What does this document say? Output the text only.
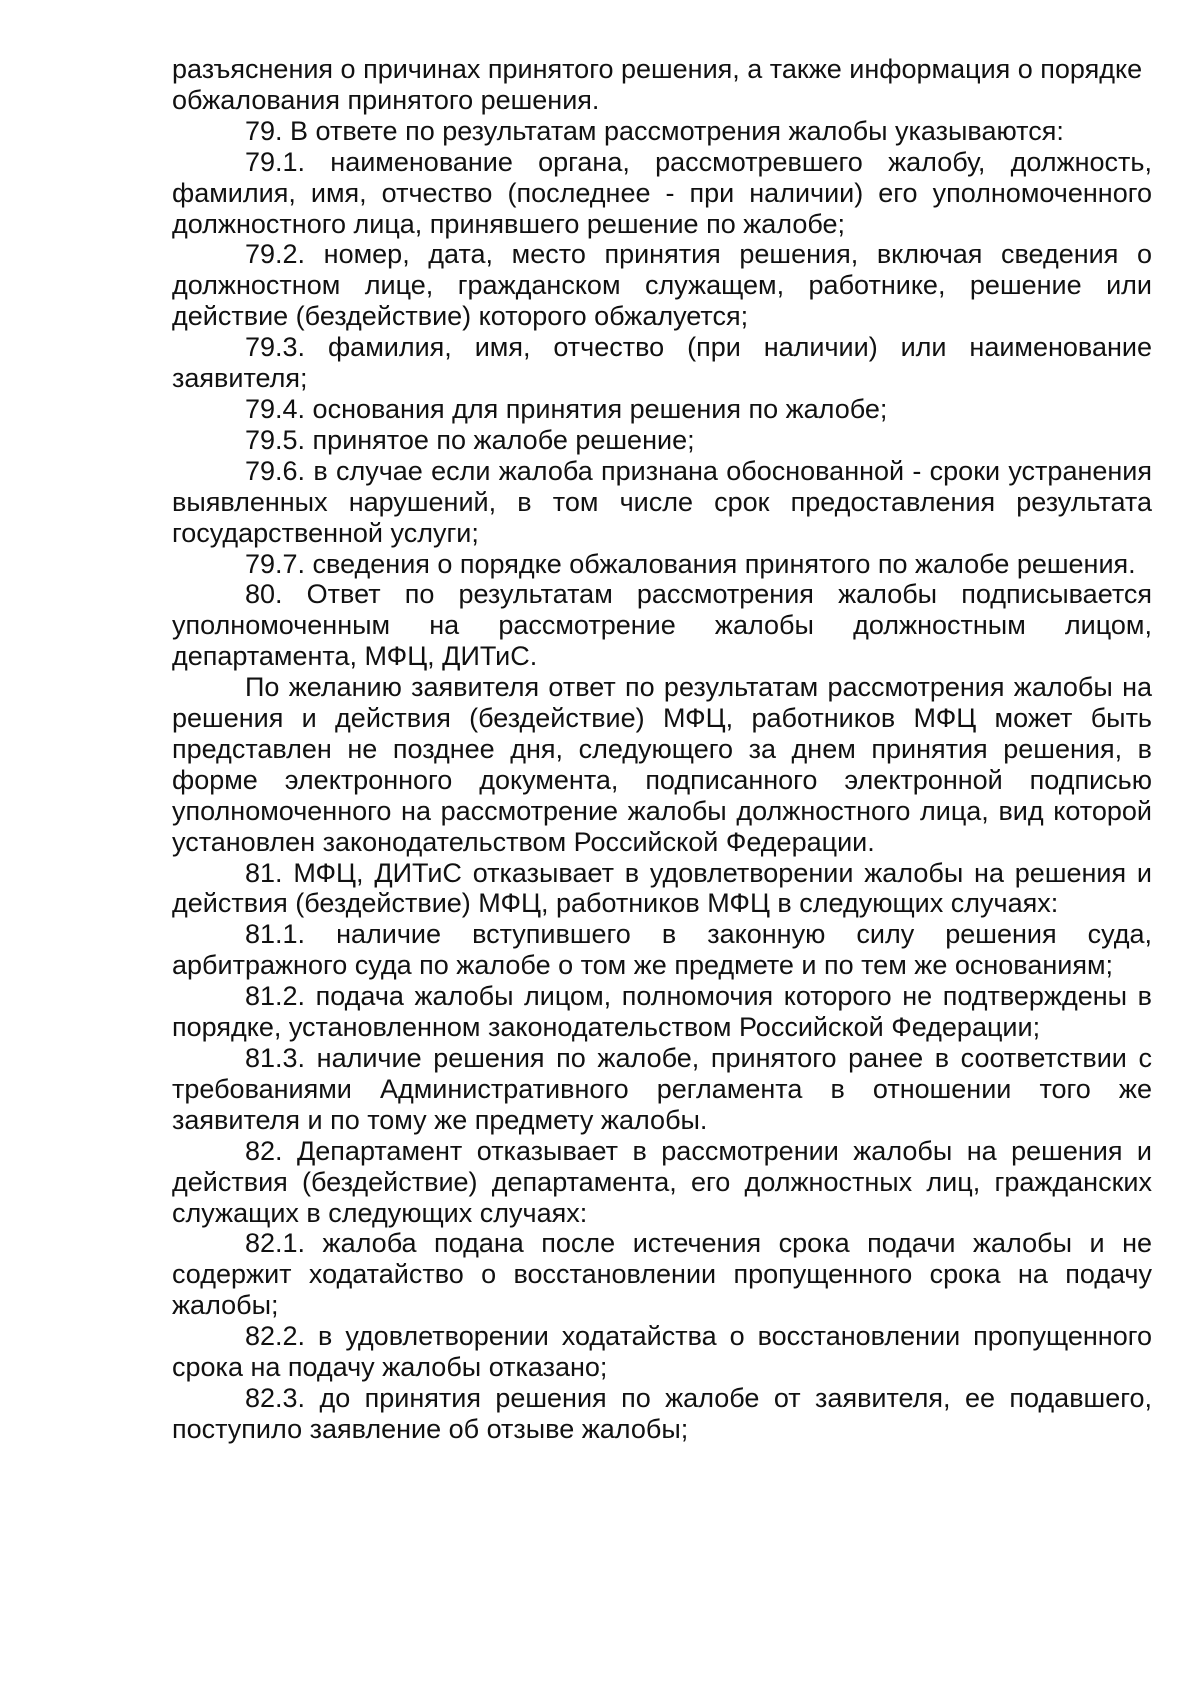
разъяснения о причинах принятого решения, а также информация о порядке обжалования принятого решения.

79. В ответе по результатам рассмотрения жалобы указываются:

79.1. наименование органа, рассмотревшего жалобу, должность, фамилия, имя, отчество (последнее - при наличии) его уполномоченного должностного лица, принявшего решение по жалобе;

79.2. номер, дата, место принятия решения, включая сведения о должностном лице, гражданском служащем, работнике, решение или действие (бездействие) которого обжалуется;

79.3. фамилия, имя, отчество (при наличии) или наименование заявителя;

79.4. основания для принятия решения по жалобе;

79.5. принятое по жалобе решение;

79.6. в случае если жалоба признана обоснованной - сроки устранения выявленных нарушений, в том числе срок предоставления результата государственной услуги;

79.7. сведения о порядке обжалования принятого по жалобе решения.

80. Ответ по результатам рассмотрения жалобы подписывается уполномоченным на рассмотрение жалобы должностным лицом, департамента, МФЦ, ДИТиС.

По желанию заявителя ответ по результатам рассмотрения жалобы на решения и действия (бездействие) МФЦ, работников МФЦ может быть представлен не позднее дня, следующего за днем принятия решения, в форме электронного документа, подписанного электронной подписью уполномоченного на рассмотрение жалобы должностного лица, вид которой установлен законодательством Российской Федерации.

81. МФЦ, ДИТиС отказывает в удовлетворении жалобы на решения и действия (бездействие) МФЦ, работников МФЦ в следующих случаях:

81.1. наличие вступившего в законную силу решения суда, арбитражного суда по жалобе о том же предмете и по тем же основаниям;

81.2. подача жалобы лицом, полномочия которого не подтверждены в порядке, установленном законодательством Российской Федерации;

81.3. наличие решения по жалобе, принятого ранее в соответствии с требованиями Административного регламента в отношении того же заявителя и по тому же предмету жалобы.

82. Департамент отказывает в рассмотрении жалобы на решения и действия (бездействие) департамента, его должностных лиц, гражданских служащих в следующих случаях:

82.1. жалоба подана после истечения срока подачи жалобы и не содержит ходатайство о восстановлении пропущенного срока на подачу жалобы;

82.2. в удовлетворении ходатайства о восстановлении пропущенного срока на подачу жалобы отказано;

82.3. до принятия решения по жалобе от заявителя, ее подавшего, поступило заявление об отзыве жалобы;
